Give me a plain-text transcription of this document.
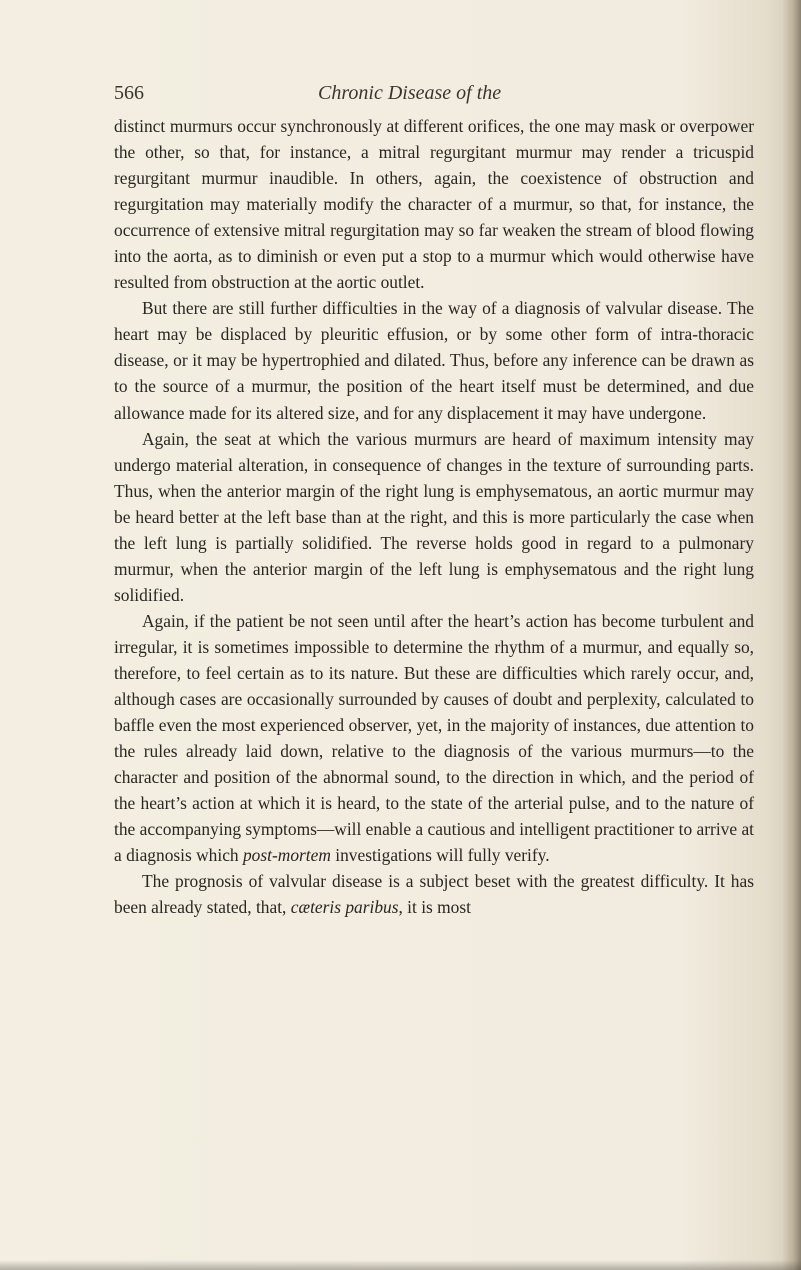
566	Chronic Disease of the

distinct murmurs occur synchronously at different orifices, the one may mask or overpower the other, so that, for instance, a mitral regurgitant murmur may render a tricuspid regurgitant murmur inaudible. In others, again, the coexistence of obstruction and regurgitation may materially modify the character of a murmur, so that, for instance, the occurrence of extensive mitral regurgitation may so far weaken the stream of blood flowing into the aorta, as to diminish or even put a stop to a murmur which would otherwise have resulted from obstruction at the aortic outlet.

But there are still further difficulties in the way of a diagnosis of valvular disease. The heart may be displaced by pleuritic effusion, or by some other form of intra-thoracic disease, or it may be hypertrophied and dilated. Thus, before any inference can be drawn as to the source of a murmur, the position of the heart itself must be determined, and due allowance made for its altered size, and for any displacement it may have undergone.

Again, the seat at which the various murmurs are heard of maximum intensity may undergo material alteration, in consequence of changes in the texture of surrounding parts. Thus, when the anterior margin of the right lung is emphysematous, an aortic murmur may be heard better at the left base than at the right, and this is more particularly the case when the left lung is partially solidified. The reverse holds good in regard to a pulmonary murmur, when the anterior margin of the left lung is emphysematous and the right lung solidified.

Again, if the patient be not seen until after the heart’s action has become turbulent and irregular, it is sometimes impossible to determine the rhythm of a murmur, and equally so, therefore, to feel certain as to its nature. But these are difficulties which rarely occur, and, although cases are occasionally surrounded by causes of doubt and perplexity, calculated to baffle even the most experienced observer, yet, in the majority of instances, due attention to the rules already laid down, relative to the diagnosis of the various murmurs—to the character and position of the abnormal sound, to the direction in which, and the period of the heart’s action at which it is heard, to the state of the arterial pulse, and to the nature of the accompanying symptoms—will enable a cautious and intelligent practitioner to arrive at a diagnosis which post-mortem investigations will fully verify.

The prognosis of valvular disease is a subject beset with the greatest difficulty. It has been already stated, that, cæteris paribus, it is most
